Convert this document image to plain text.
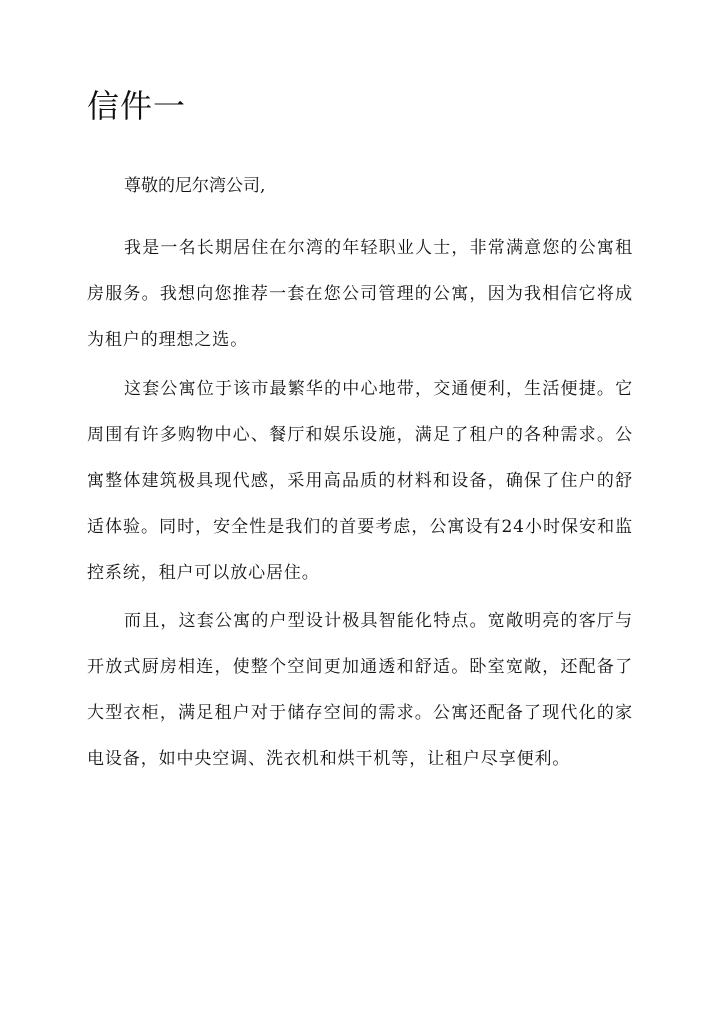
信件一

尊敬的尼尔湾公司,

我是一名长期居住在尔湾的年轻职业人士，非常满意您的公寓租房服务。我想向您推荐一套在您公司管理的公寓，因为我相信它将成为租户的理想之选。

这套公寓位于该市最繁华的中心地带，交通便利，生活便捷。它周围有许多购物中心、餐厅和娱乐设施，满足了租户的各种需求。公寓整体建筑极具现代感，采用高品质的材料和设备，确保了住户的舒适体验。同时，安全性是我们的首要考虑，公寓设有24小时保安和监控系统，租户可以放心居住。

而且，这套公寓的户型设计极具智能化特点。宽敞明亮的客厅与开放式厨房相连，使整个空间更加通透和舒适。卧室宽敞，还配备了大型衣柜，满足租户对于储存空间的需求。公寓还配备了现代化的家电设备，如中央空调、洗衣机和烘干机等，让租户尽享便利。
